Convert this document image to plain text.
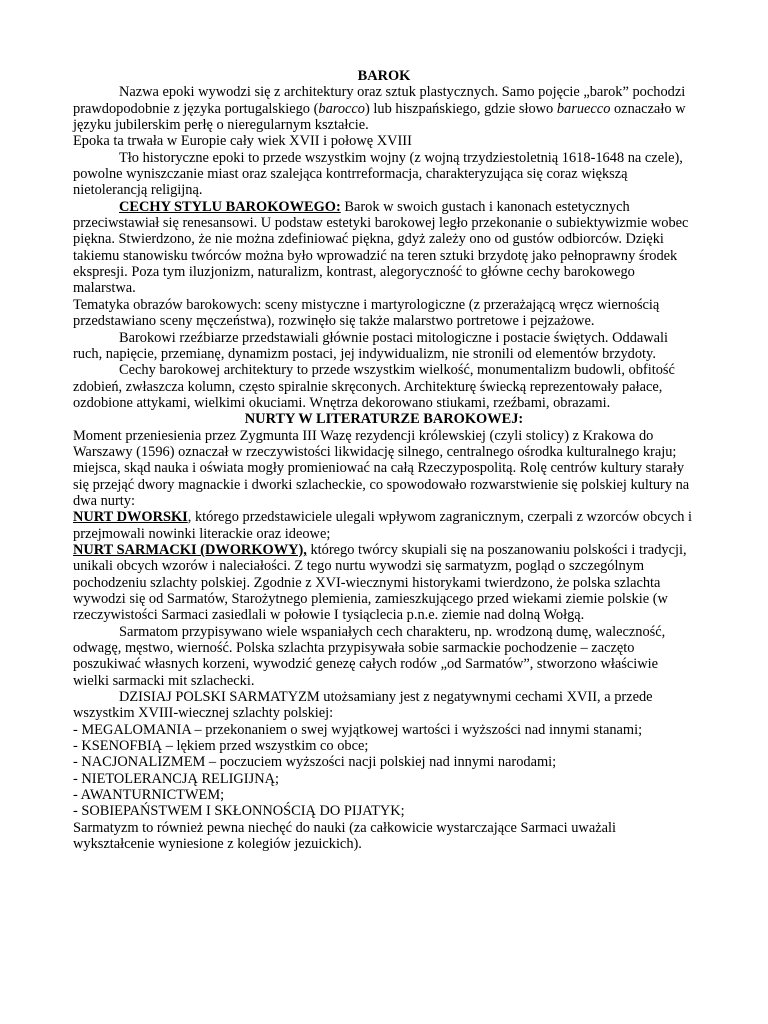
BAROK

Nazwa epoki wywodzi się z architektury oraz sztuk plastycznych. Samo pojęcie „barok” pochodzi prawdopodobnie z języka portugalskiego (barocco) lub hiszpańskiego, gdzie słowo baruecco oznaczało w języku jubilerskim perłę o nieregularnym kształcie.

Epoka ta trwała w Europie cały wiek XVII i połowę XVIII

Tło historyczne epoki to przede wszystkim wojny (z wojną trzydziestoletnią 1618-1648 na czele), powolne wyniszczanie miast oraz szalejąca kontrreformacja, charakteryzująca się coraz większą nietolerancją religijną.

CECHY STYLU BAROKOWEGO: Barok w swoich gustach i kanonach estetycznych przeciwstawiał się renesansowi. U podstaw estetyki barokowej legło przekonanie o subiektywizmie wobec piękna. Stwierdzono, że nie można zdefiniować piękna, gdyż zależy ono od gustów odbiorców. Dzięki takiemu stanowisku twórców można było wprowadzić na teren sztuki brzydotę jako pełnoprawny środek ekspresji. Poza tym iluzjonizm, naturalizm, kontrast, alegoryczność to główne cechy barokowego malarstwa.

Tematyka obrazów barokowych: sceny mistyczne i martyrologiczne (z przerażającą wręcz wiernością przedstawiano sceny męczeństwa), rozwinęło się także malarstwo portretowe i pejzażowe.

Barokowi rzeźbiarze przedstawiali głównie postaci mitologiczne i postacie świętych. Oddawali ruch, napięcie, przemianę, dynamizm postaci, jej indywidualizm, nie stronili od elementów brzydoty.

Cechy barokowej architektury to przede wszystkim wielkość, monumentalizm budowli, obfitość zdobień, zwłaszcza kolumn, często spiralnie skręconych. Architekturę świecką reprezentowały pałace, ozdobione attykami, wielkimi okuciami. Wnętrza dekorowano stiukami, rzeźbami, obrazami.

NURTY W LITERATURZE BAROKOWEJ:

Moment przeniesienia przez Zygmunta III Wazę rezydencji królewskiej (czyli stolicy) z Krakowa do Warszawy (1596) oznaczał w rzeczywistości likwidację silnego, centralnego ośrodka kulturalnego kraju; miejsca, skąd nauka i oświata mogły promieniować na całą Rzeczypospolitą. Rolę centrów kultury starały się przejąć dwory magnackie i dworki szlacheckie, co spowodowało rozwarstwienie się polskiej kultury na dwa nurty:

NURT DWORSKI, którego przedstawiciele ulegali wpływom zagranicznym, czerpali z wzorców obcych i przejmowali nowinki literackie oraz ideowe;

NURT SARMACKI (DWORKOWY), którego twórcy skupiali się na poszanowaniu polskości i tradycji, unikali obcych wzorów i naleciałości. Z tego nurtu wywodzi się sarmatyzm, pogląd o szczególnym pochodzeniu szlachty polskiej. Zgodnie z XVI-wiecznymi historykami twierdzono, że polska szlachta wywodzi się od Sarmatów, Starożytnego plemienia, zamieszkującego przed wiekami ziemie polskie (w rzeczywistości Sarmaci zasiedlali w połowie I tysiąclecia p.n.e. ziemie nad dolną Wołgą.

Sarmatom przypisywano wiele wspaniałych cech charakteru, np. wrodzoną dumę, waleczność, odwagę, męstwo, wierność. Polska szlachta przypisywała sobie sarmackie pochodzenie – zaczęto poszukiwać własnych korzeni, wywodzić genezę całych rodów „od Sarmatów”, stworzono właściwie wielki sarmacki mit szlachecki.

DZISIAJ POLSKI SARMATYZM utożsamiany jest z negatywnymi cechami XVII, a przede wszystkim XVIII-wiecznej szlachty polskiej:

- MEGALOMANIA – przekonaniem o swej wyjątkowej wartości i wyższości nad innymi stanami;

- KSENOFBIĄ – lękiem przed wszystkim co obce;

- NACJONALIZMEM – poczuciem wyższości nacji polskiej nad innymi narodami;

- NIETOLERANCJĄ RELIGIJNĄ;

- AWANTURNICTWEM;

- SOBIEPAŃSTWEM I SKŁONNOŚCIĄ DO PIJATYK;

Sarmatyzm to również pewna niechęć do nauki (za całkowicie wystarczające Sarmaci uważali wykształcenie wyniesione z kolegiów jezuickich).
